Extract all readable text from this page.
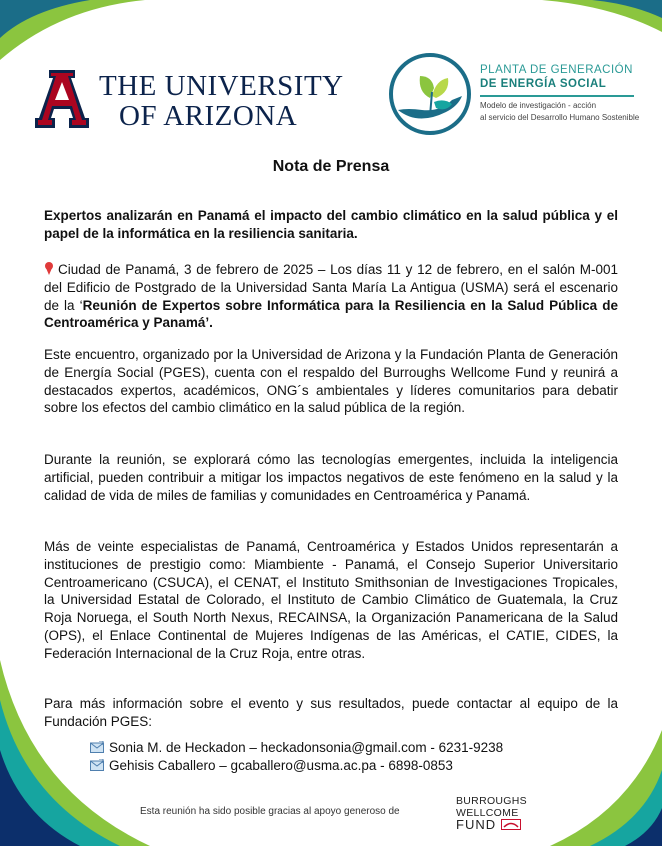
THE UNIVERSITY
OF ARIZONA
PLANTA DE GENERACIÓN
DE ENERGÍA SOCIAL
Modelo de investigación - acción
al servicio del Desarrollo Humano Sostenible
Nota de Prensa

Expertos analizarán en Panamá el impacto del cambio climático en la salud pública y el papel de la informática en la resiliencia sanitaria.

Ciudad de Panamá, 3 de febrero de 2025 – Los días 11 y 12 de febrero, en el salón M-001 del Edificio de Postgrado de la Universidad Santa María La Antigua (USMA) será el escenario de la ‘Reunión de Expertos sobre Informática para la Resiliencia en la Salud Pública de Centroamérica y Panamá’.

Este encuentro, organizado por la Universidad de Arizona y la Fundación Planta de Generación de Energía Social (PGES), cuenta con el respaldo del Burroughs Wellcome Fund y reunirá a destacados expertos, académicos, ONG´s ambientales y líderes comunitarios para debatir sobre los efectos del cambio climático en la salud pública de la región.

Durante la reunión, se explorará cómo las tecnologías emergentes, incluida la inteligencia artificial, pueden contribuir a mitigar los impactos negativos de este fenómeno en la salud y la calidad de vida de miles de familias y comunidades en Centroamérica y Panamá.

Más de veinte especialistas de Panamá, Centroamérica y Estados Unidos representarán a instituciones de prestigio como: Miambiente - Panamá, el Consejo Superior Universitario Centroamericano (CSUCA), el CENAT, el Instituto Smithsonian de Investigaciones Tropicales, la Universidad Estatal de Colorado, el Instituto de Cambio Climático de Guatemala, la Cruz Roja Noruega, el South North Nexus, RECAINSA, la Organización Panamericana de la Salud (OPS), el Enlace Continental de Mujeres Indígenas de las Américas, el CATIE, CIDES, la Federación Internacional de la Cruz Roja, entre otras.

Para más información sobre el evento y sus resultados, puede contactar al equipo de la Fundación PGES:

Sonia M. de Heckadon – heckadonsonia@gmail.com - 6231-9238
Gehisis Caballero – gcaballero@usma.ac.pa - 6898-0853
Esta reunión ha sido posible gracias al apoyo generoso de
BURROUGHS
WELLCOME
FUND
